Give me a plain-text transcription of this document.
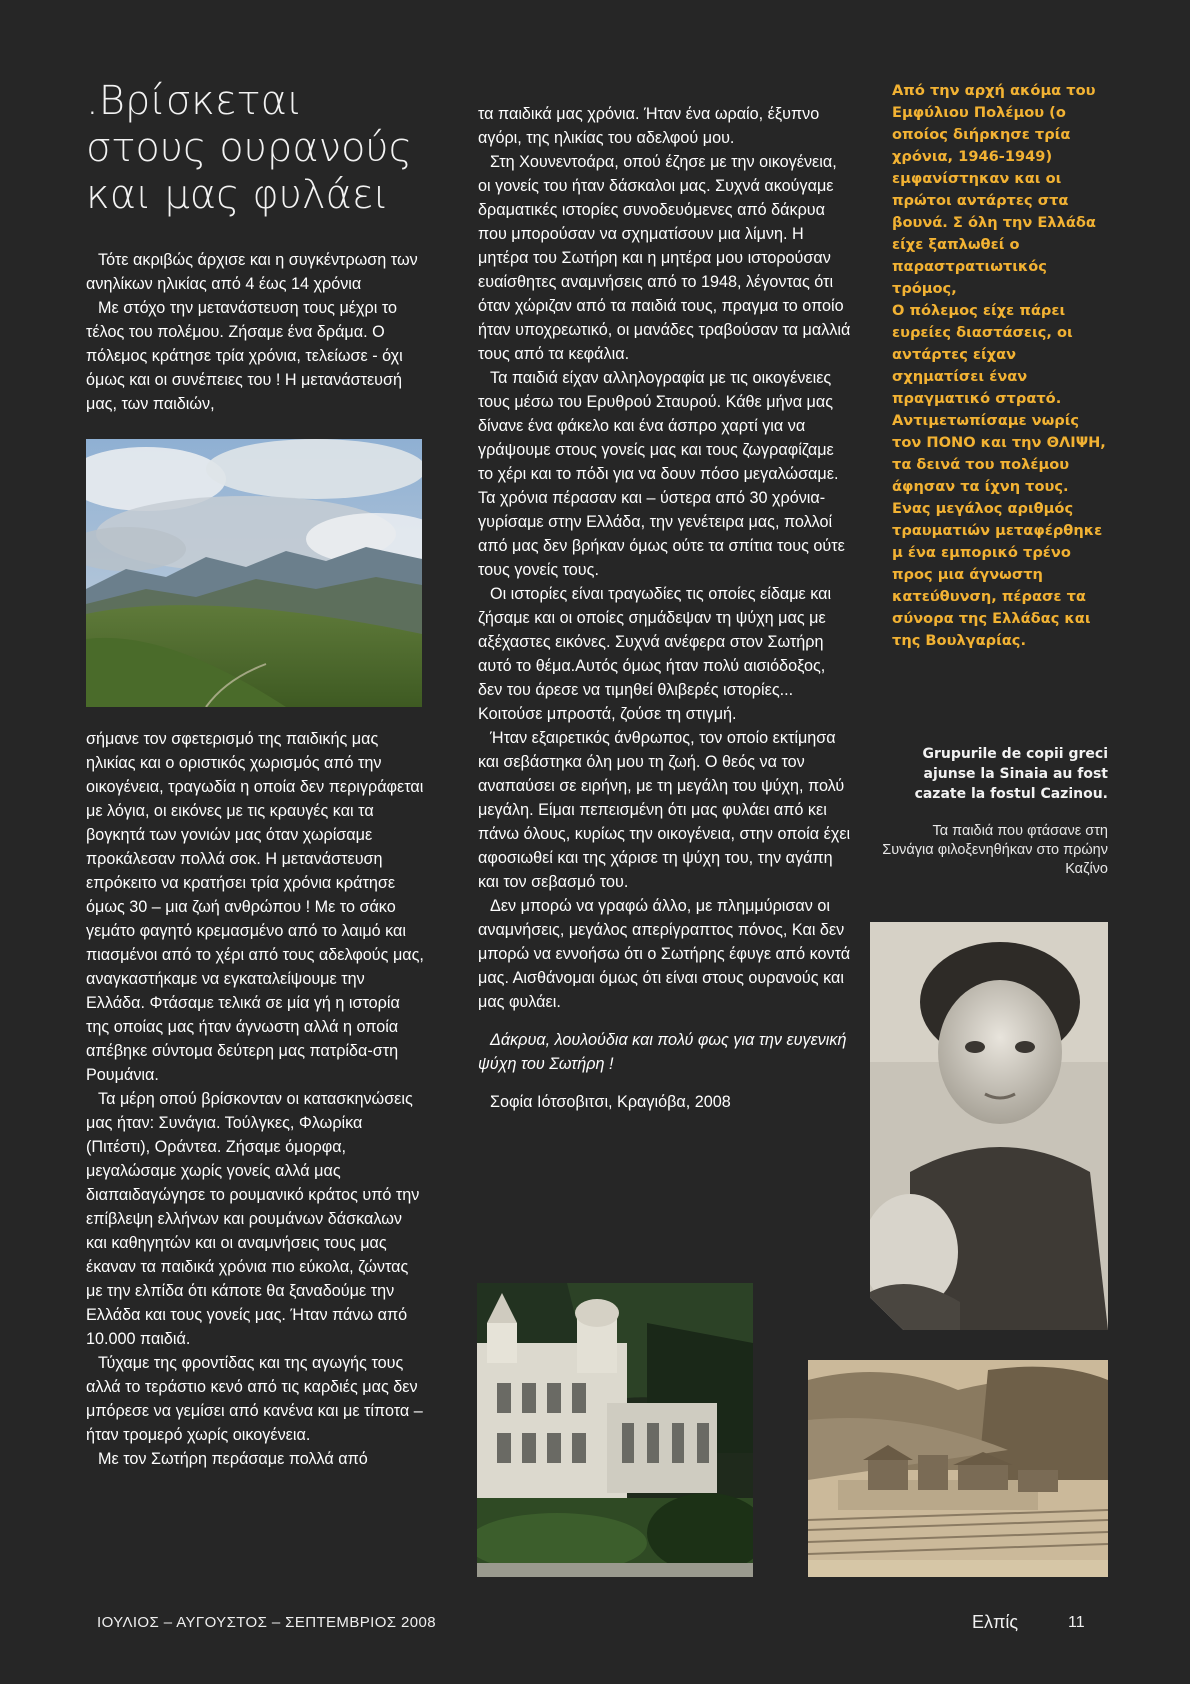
.Βρίσκεται στους ουρανούς και μας φυλάει

Τότε ακριβώς άρχισε και η συγκέντρωση των ανηλίκων ηλικίας από 4 έως 14 χρόνια

Με στόχο την μετανάστευση τους μέχρι το τέλος του πολέμου. Ζήσαμε ένα δράμα. Ο πόλεμος κράτησε τρία χρόνια, τελείωσε - όχι όμως και οι συνέπειες του ! Η μετανάστευσή μας, των παιδιών,

σήμανε τον σφετερισμό της παιδικής μας ηλικίας και ο οριστικός χωρισμός από την οικογένεια, τραγωδία η οποία δεν περιγράφεται με λόγια, οι εικόνες με τις κραυγές και τα βογκητά των γονιών μας όταν χωρίσαμε προκάλεσαν πολλά σοκ. Η μετανάστευση επρόκειτο να κρατήσει τρία χρόνια κράτησε όμως 30 – μια ζωή ανθρώπου ! Με το σάκο γεμάτο φαγητό κρεμασμένο από το λαιμό και πιασμένοι από το χέρι από τους αδελφούς μας, αναγκαστήκαμε να εγκαταλείψουμε την Ελλάδα. Φτάσαμε τελικά σε μία γή η ιστορία της οποίας μας ήταν άγνωστη αλλά η οποία απέβηκε σύντομα δεύτερη μας πατρίδα-στη Ρουμάνια.

Τα μέρη οπού βρίσκονταν οι κατασκηνώσεις μας ήταν: Συνάγια. Τούλγκες, Φλωρίκα (Πιτέστι), Οράντεα. Ζήσαμε όμορφα, μεγαλώσαμε χωρίς γονείς αλλά μας διαπαιδαγώγησε το ρουμανικό κράτος υπό την επίβλεψη ελλήνων και ρουμάνων δάσκαλων και καθηγητών και οι αναμνήσεις τους μας έκαναν τα παιδικά χρόνια πιο εύκολα, ζώντας με την ελπίδα ότι κάποτε θα ξαναδούμε την Ελλάδα και τους γονείς μας. Ήταν πάνω από 10.000 παιδιά.

Τύχαμε της φροντίδας και της αγωγής τους αλλά το τεράστιο κενό από τις καρδιές μας δεν μπόρεσε να γεμίσει από κανένα και με τίποτα – ήταν τρομερό χωρίς οικογένεια.

Με τον Σωτήρη περάσαμε πολλά από

τα παιδικά μας χρόνια. Ήταν ένα ωραίο, έξυπνο αγόρι, της ηλικίας του αδελφού μου.

Στη Χουνεντοάρα, οπού έζησε με την οικογένεια, οι γονείς του ήταν δάσκαλοι μας. Συχνά ακούγαμε δραματικές ιστορίες συνοδευόμενες από δάκρυα που μπορούσαν να σχηματίσουν μια λίμνη. Η μητέρα του Σωτήρη και η μητέρα μου ιστορούσαν ευαίσθητες αναμνήσεις από το 1948, λέγοντας ότι όταν χώριζαν από τα παιδιά τους, πραγμα το οποίο ήταν υποχρεωτικό, οι μανάδες τραβούσαν τα μαλλιά τους από τα κεφάλια.

Τα παιδιά είχαν αλληλογραφία με τις οικογένειες τους μέσω του Ερυθρού Σταυρού. Κάθε μήνα μας δίνανε ένα φάκελο και ένα άσπρο χαρτί για να γράψουμε στους γονείς μας και τους ζωγραφίζαμε το χέρι και το πόδι για να δουν πόσο μεγαλώσαμε. Τα χρόνια πέρασαν και – ύστερα από 30 χρόνια- γυρίσαμε στην Ελλάδα, την γενέτειρα μας, πολλοί από μας δεν βρήκαν όμως ούτε τα σπίτια τους ούτε τους γονείς τους.

Οι ιστορίες είναι τραγωδίες τις οποίες είδαμε και ζήσαμε και οι οποίες σημάδεψαν τη ψύχη μας με αξέχαστες εικόνες. Συχνά ανέφερα στον Σωτήρη αυτό το θέμα.Αυτός όμως ήταν πολύ αισιόδοξος, δεν του άρεσε να τιμηθεί θλιβερές ιστορίες... Κοιτούσε μπροστά, ζούσε τη στιγμή.

Ήταν εξαιρετικός άνθρωπος, τον οποίο εκτίμησα και σεβάστηκα όλη μου τη ζωή. Ο θεός να τον αναπαύσει σε ειρήνη, με τη μεγάλη του ψύχη, πολύ μεγάλη. Είμαι πεπεισμένη ότι μας φυλάει από κει πάνω όλους, κυρίως την οικογένεια, στην οποία έχει αφοσιωθεί και της χάρισε τη ψύχη του, την αγάπη και τον σεβασμό του.

Δεν μπορώ να γραφώ άλλο, με πλημμύρισαν οι αναμνήσεις, μεγάλος απερίγραπτος πόνος, Και δεν μπορώ να εννοήσω ότι ο Σωτήρης έφυγε από κοντά μας. Αισθάνομαι όμως ότι είναι στους ουρανούς και μας φυλάει.

Δάκρυα, λουλούδια και πολύ φως για την ευγενική ψύχη του Σωτήρη !

Σοφία Ιότσοβιτσι, Κραγιόβα, 2008

Από την αρχή ακόμα του Εμφύλιου Πολέμου (ο οποίος διήρκησε τρία χρόνια, 1946-1949) εμφανίστηκαν και οι πρώτοι αντάρτες στα βουνά. Σ όλη την Ελλάδα είχε ξαπλωθεί ο παραστρατιωτικός τρόμος,
Ο πόλεμος είχε πάρει ευρείες διαστάσεις, οι αντάρτες είχαν σχηματίσει έναν πραγματικό στρατό. Αντιμετωπίσαμε νωρίς τον ΠΟΝΟ και την ΘΛΙΨΗ, τα δεινά του πολέμου άφησαν τα ίχνη τους. Ενας μεγάλος αριθμός τραυματιών μεταφέρθηκε μ ένα εμπορικό τρένο προς μια άγνωστη κατεύθυνση, πέρασε τα σύνορα της Ελλάδας και της Βουλγαρίας.
Grupurile de copii greci ajunse la Sinaia au fost cazate la fostul Cazinou.
Τα παιδιά που φτάσανε στη Συνάγια φιλοξενηθήκαν στο πρώην Καζίνο
ΙΟΥΛΙΟΣ – ΑΥΓΟΥΣΤΟΣ – ΣΕΠΤΕΜΒΡΙΟΣ 2008	Ελπίς	11
